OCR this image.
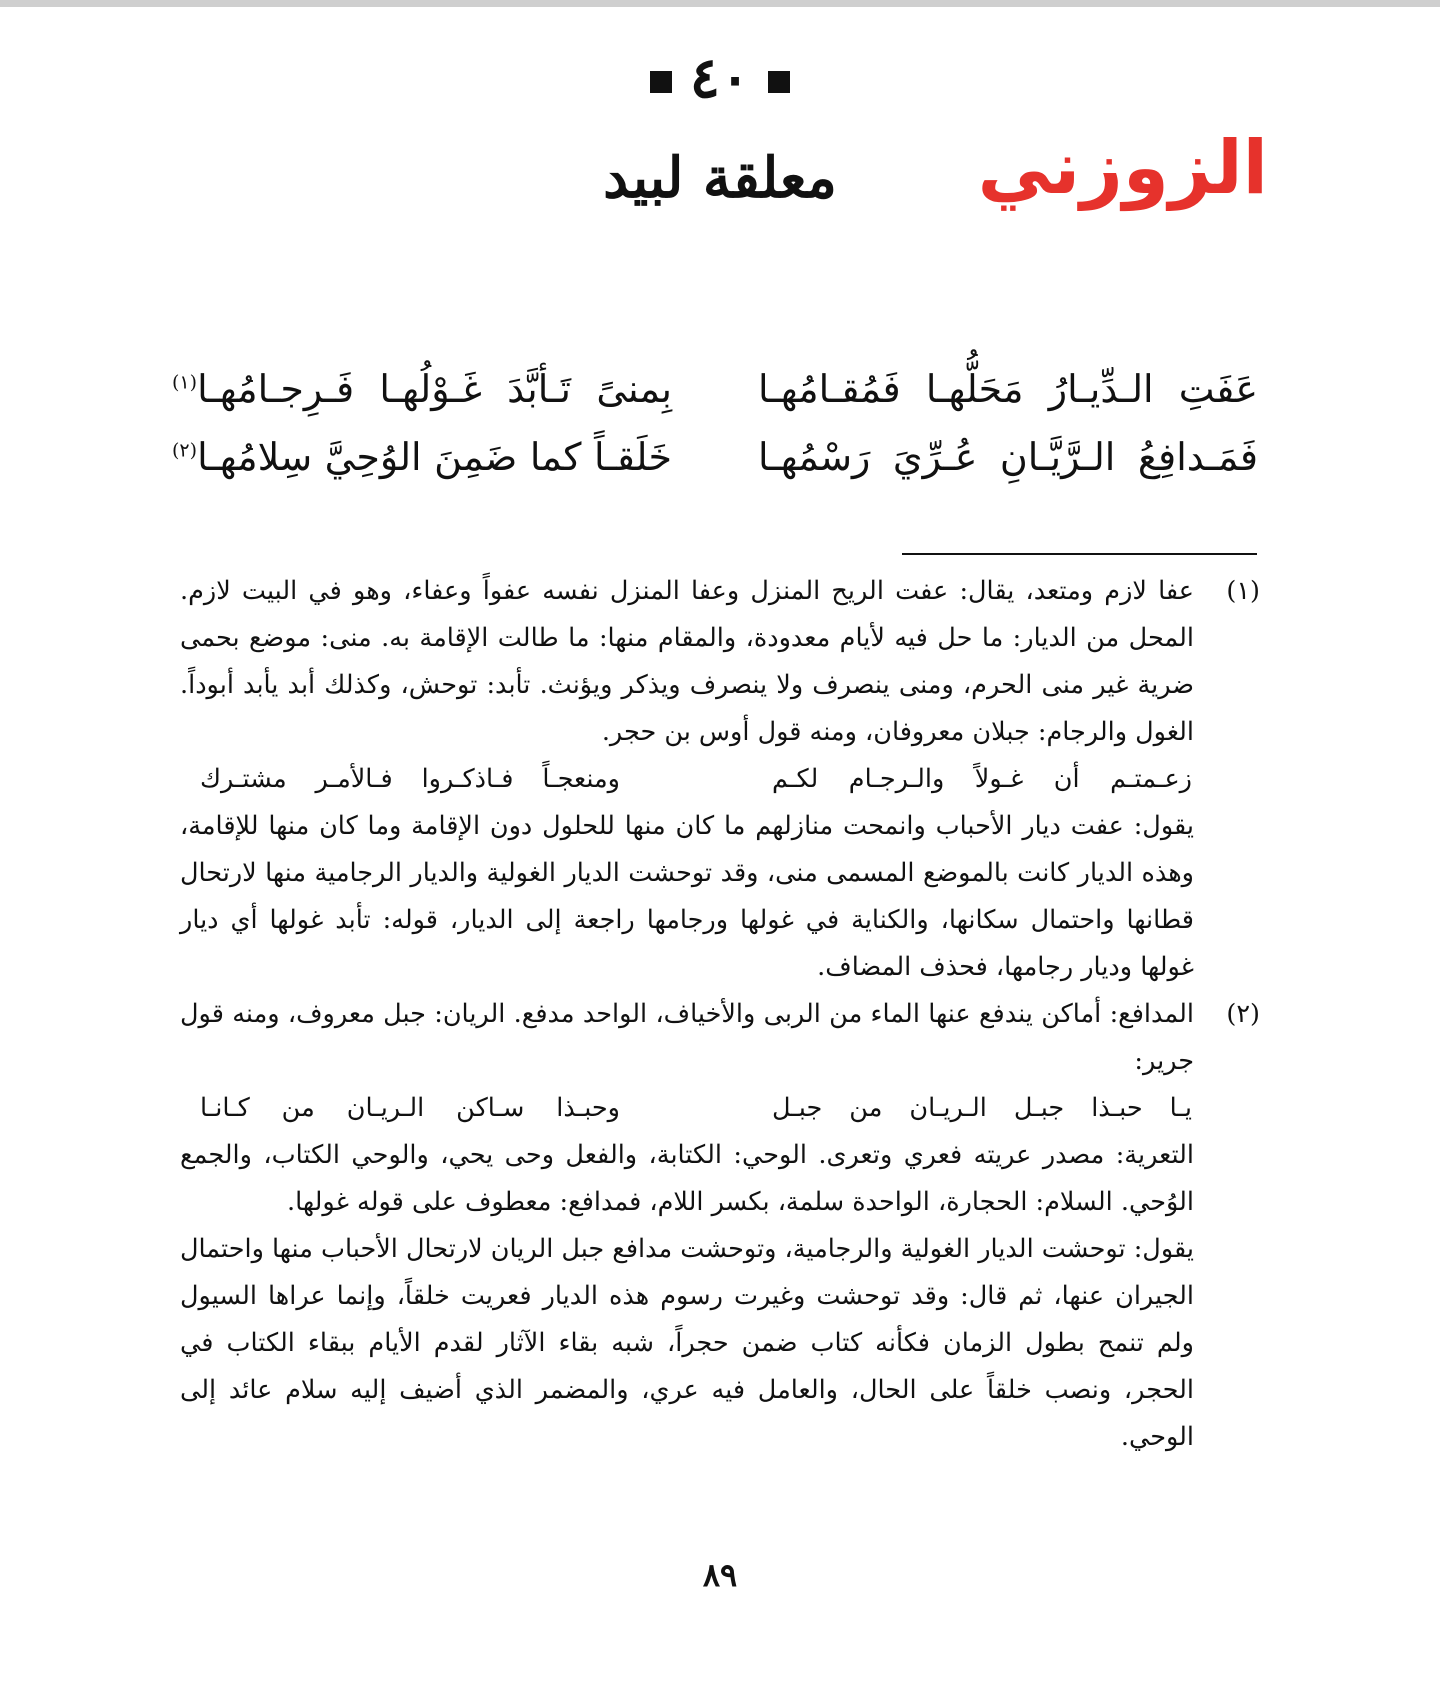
٤٠
الزوزني
معلقة لبيد
عَفَتِ الـدِّيـارُ مَحَلُّهـا فَمُقـامُهـا
بِمنىً تَـأبَّدَ غَـوْلُهـا فَـرِجـامُهـا$^{(١)}$
فَمَـدافِعُ الـرَّيَّـانِ عُـرِّيَ رَسْمُهـا
خَلَقـاً كما ضَمِنَ الوُحِيَّ سِلامُهـا$^{(٢)}$
(١)

عفا لازم ومتعد، يقال: عفت الريح المنزل وعفا المنزل نفسه عفواً وعفاء، وهو في البيت لازم. المحل من الديار: ما حل فيه لأيام معدودة، والمقام منها: ما طالت الإقامة به. منى: موضع بحمى ضرية غير منى الحرم، ومنى ينصرف ولا ينصرف ويذكر ويؤنث. تأبد: توحش، وكذلك أبد يأبد أبوداً. الغول والرجام: جبلان معروفان، ومنه قول أوس بن حجر.

زعـمتـم أن غـولاً والـرجـام لكـم
ومنعجـاً فـاذكـروا فـالأمـر مشتـرك

يقول: عفت ديار الأحباب وانمحت منازلهم ما كان منها للحلول دون الإقامة وما كان منها للإقامة، وهذه الديار كانت بالموضع المسمى منى، وقد توحشت الديار الغولية والديار الرجامية منها لارتحال قطانها واحتمال سكانها، والكناية في غولها ورجامها راجعة إلى الديار، قوله: تأبد غولها أي ديار غولها وديار رجامها، فحذف المضاف.

(٢)

المدافع: أماكن يندفع عنها الماء من الربى والأخياف، الواحد مدفع. الريان: جبل معروف، ومنه قول جرير:

يـا حبـذا جبـل الـريـان من جبـل
وحبـذا سـاكن الـريـان من كـانـا

التعرية: مصدر عريته فعري وتعرى. الوحي: الكتابة، والفعل وحى يحي، والوحي الكتاب، والجمع الوُحي. السلام: الحجارة، الواحدة سلمة، بكسر اللام، فمدافع: معطوف على قوله غولها.

يقول: توحشت الديار الغولية والرجامية، وتوحشت مدافع جبل الريان لارتحال الأحباب منها واحتمال الجيران عنها، ثم قال: وقد توحشت وغيرت رسوم هذه الديار فعريت خلقاً، وإنما عراها السيول ولم تنمح بطول الزمان فكأنه كتاب ضمن حجراً، شبه بقاء الآثار لقدم الأيام ببقاء الكتاب في الحجر، ونصب خلقاً على الحال، والعامل فيه عري، والمضمر الذي أضيف إليه سلام عائد إلى الوحي.

٨٩
